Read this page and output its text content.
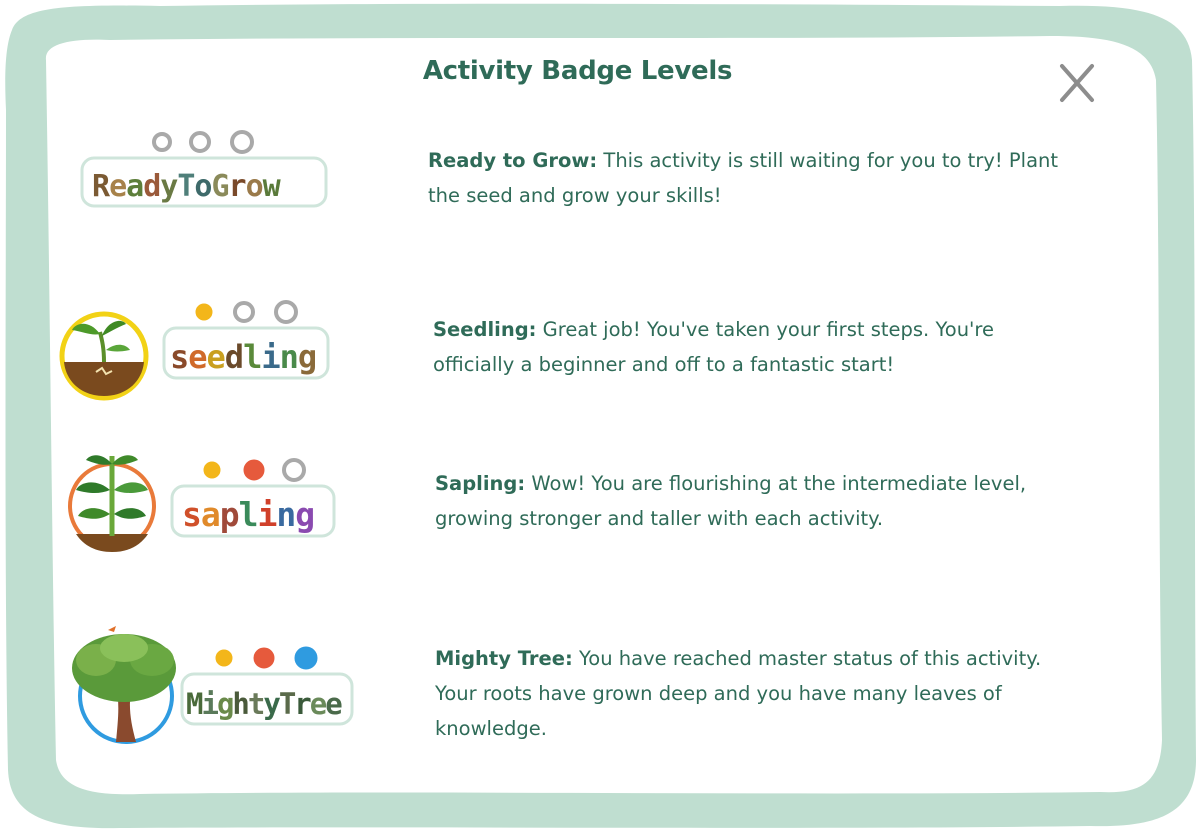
Activity Badge Levels
ReadyToGrow
Ready to Grow: This activity is still waiting for you to try! Plant the seed and grow your skills!
seedling
Seedling: Great job! You've taken your first steps. You're officially a beginner and off to a fantastic start!
sapling
Sapling: Wow! You are flourishing at the intermediate level, growing stronger and taller with each activity.
MightyTree
Mighty Tree: You have reached master status of this activity. Your roots have grown deep and you have many leaves of knowledge.
